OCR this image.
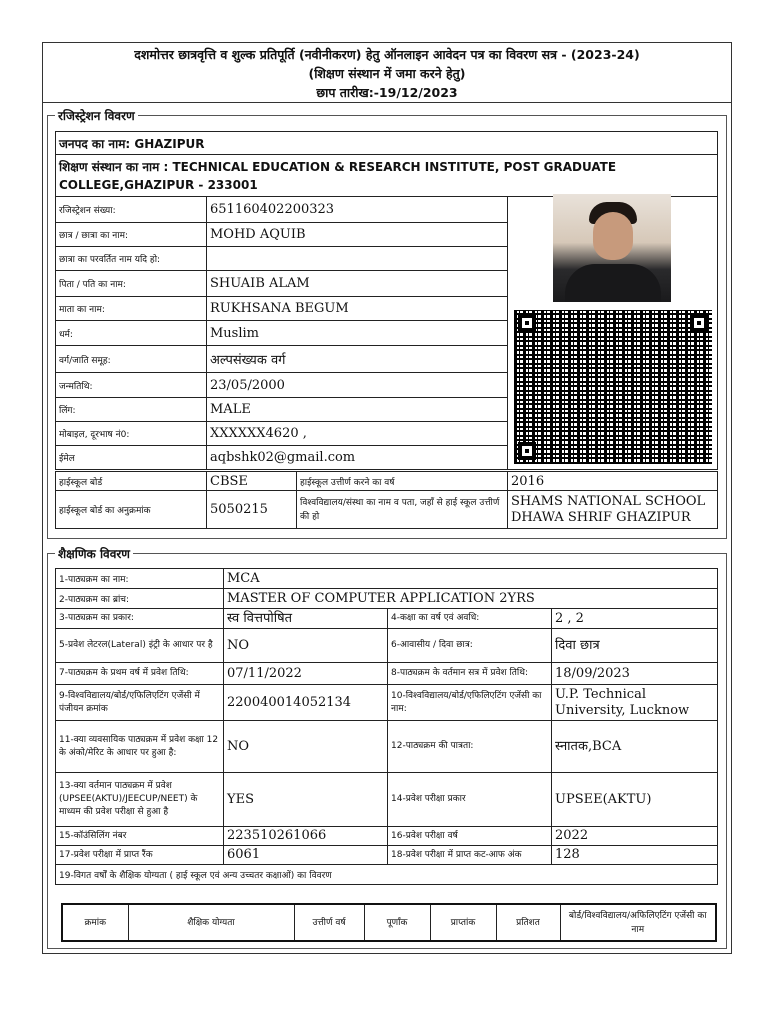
दशमोत्तर छात्रवृत्ति व शुल्क प्रतिपूर्ति (नवीनीकरण) हेतु ऑनलाइन आवेदन पत्र का विवरण सत्र - (2023-24)
(शिक्षण संस्थान में जमा करने हेतु)
छाप तारीख:-19/12/2023
रजिस्ट्रेशन विवरण
जनपद का नाम: GHAZIPUR		
शिक्षण संस्थान का नाम : TECHNICAL EDUCATION & RESEARCH INSTITUTE, POST GRADUATE COLLEGE,GHAZIPUR - 233001		
रजिस्ट्रेशन संख्या:	651160402200323	
छात्र / छात्रा का नाम:	MOHD AQUIB	
छात्रा का परवर्तित नाम यदि हो:		
पिता / पति का नाम:	SHUAIB ALAM	
माता का नाम:	RUKHSANA BEGUM	
धर्म:	Muslim	
वर्ग/जाति समूह:	अल्पसंख्यक वर्ग	
जन्मतिथि:	23/05/2000	
लिंग:	MALE	
मोबाइल, दूरभाष नं0:	XXXXXX4620 ,	
ईमेल	aqbshk02@gmail.com	
हाईस्कूल बोर्ड	CBSE	हाईस्कूल उत्तीर्ण करने का वर्ष	2016
हाईस्कूल बोर्ड का अनुक्रमांक	5050215	विश्वविद्यालय/संस्था का नाम व पता, जहाँ से हाई स्कूल उत्तीर्ण की हो	SHAMS NATIONAL SCHOOL DHAWA SHRIF GHAZIPUR
शैक्षणिक विवरण
1-पाठ्यक्रम का नाम:	MCA		
2-पाठ्यक्रम का ब्रांच:	MASTER OF COMPUTER APPLICATION 2YRS		
3-पाठ्यक्रम का प्रकार:	स्व वित्तपोषित	4-कक्षा का वर्ष एवं अवधि:	2 , 2
5-प्रवेश लेटरल(Lateral) इंट्री के आधार पर है	NO	6-आवासीय / दिवा छात्र:	दिवा छात्र
7-पाठ्यक्रम के प्रथम वर्ष में प्रवेश तिथि:	07/11/2022	8-पाठ्यक्रम के वर्तमान सत्र में प्रवेश तिथि:	18/09/2023
9-विश्वविद्यालय/बोर्ड/एफिलिएटिंग एजेंसी में पंजीयन क्रमांक	220040014052134	10-विश्वविद्यालय/बोर्ड/एफिलिएटिंग एजेंसी का नाम:	U.P. Technical University, Lucknow
11-क्या व्यवसायिक पाठ्यक्रम में प्रवेश कक्षा 12 के अंको/मेरिट के आधार पर हुआ है:	NO	12-पाठ्यक्रम की पात्रता:	स्नातक,BCA
13-क्या वर्तमान पाठ्यक्रम में प्रवेश (UPSEE(AKTU)/JEECUP/NEET) के माध्यम की प्रवेश परीक्षा से हुआ है	YES	14-प्रवेश परीक्षा प्रकार	UPSEE(AKTU)
15-कॉउंसिलिंग नंबर	223510261066	16-प्रवेश परीक्षा वर्ष	2022
17-प्रवेश परीक्षा में प्राप्त रैंक	6061	18-प्रवेश परीक्षा में प्राप्त कट-आफ अंक	128
19-विगत वर्षों के शैक्षिक योग्यता ( हाई स्कूल एवं अन्य उच्चतर कक्षाओं) का विवरण			
क्रमांक	शैक्षिक योग्यता	उत्तीर्ण वर्ष	पूर्णांक	प्राप्तांक	प्रतिशत	बोर्ड/विश्वविद्यालय/अफिलिएटिंग एजेंसी का नाम
